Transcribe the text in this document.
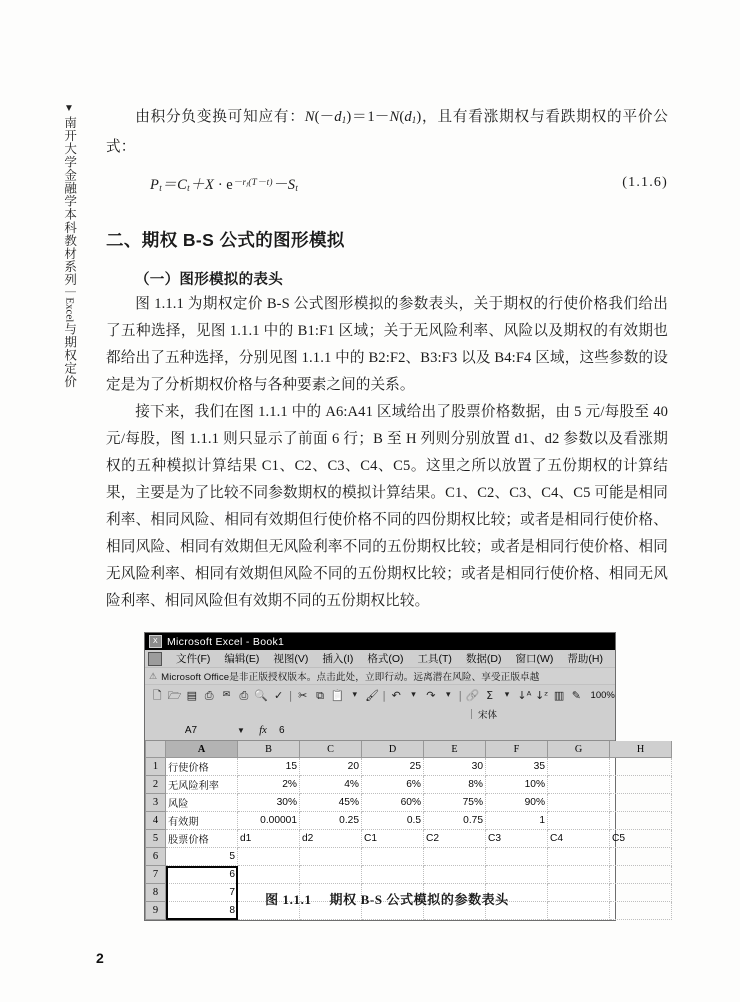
▼
南开大学金融学本科教材系列｜Excel与期权定价

由积分负变换可知应有：$N(-d_1)=1-N(d_1)$，且有看涨期权与看跌期权的平价公式：

$P_t=C_t+X \cdot e^{-r_f(T-t)}-S_t$	(1.1.6)
二、期权 B-S 公式的图形模拟
（一）图形模拟的表头

图 1.1.1 为期权定价 B-S 公式图形模拟的参数表头，关于期权的行使价格我们给出了五种选择，见图 1.1.1 中的 B1:F1 区域；关于无风险利率、风险以及期权的有效期也都给出了五种选择，分别见图 1.1.1 中的 B2:F2、B3:F3 以及 B4:F4 区域，这些参数的设定是为了分析期权价格与各种要素之间的关系。

接下来，我们在图 1.1.1 中的 A6:A41 区域给出了股票价格数据，由 5 元/每股至 40 元/每股，图 1.1.1 则只显示了前面 6 行；B 至 H 列则分别放置 d1、d2 参数以及看涨期权的五种模拟计算结果 C1、C2、C3、C4、C5。这里之所以放置了五份期权的计算结果，主要是为了比较不同参数期权的模拟计算结果。C1、C2、C3、C4、C5 可能是相同利率、相同风险、相同有效期但行使价格不同的四份期权比较；或者是相同行使价格、相同风险、相同有效期但无风险利率不同的五份期权比较；或者是相同行使价格、相同无风险利率、相同有效期但风险不同的五份期权比较；或者是相同行使价格、相同无风险利率、相同风险但有效期不同的五份期权比较。

X Microsoft Excel - Book1
文件(F)	编辑(E)	视图(V)	插入(I)	格式(O)	工具(T)	数据(D)	窗口(W)	帮助(H)
⚠ Microsoft Office是非正版授权版本。点击此处，立即行动。远离潜在风险、享受正版卓越
🗋 🗁 ▤ ⎙	✉ ⎙ 🔍 ✓ | ✂ ⧉ 📋 ▾ 🖌 | ↶	▾ ↷	▾ | 🔗 Σ	▾ ↓ᴬ ↓ᶻ ▥ ✎	100%
宋体
A7	▼	fx	6
	A	B	C	D	E	F	G	H
1	行使价格	15	20	25	30	35		
2	无风险利率	2%	4%	6%	8%	10%		
3	风险	30%	45%	60%	75%	90%		
4	有效期	0.00001	0.25	0.5	0.75	1		
5	股票价格	d1	d2	C1	C2	C3	C4	C5
6	5							
7	6							
8	7							
9	8							
图 1.1.1 期权 B-S 公式模拟的参数表头
2
